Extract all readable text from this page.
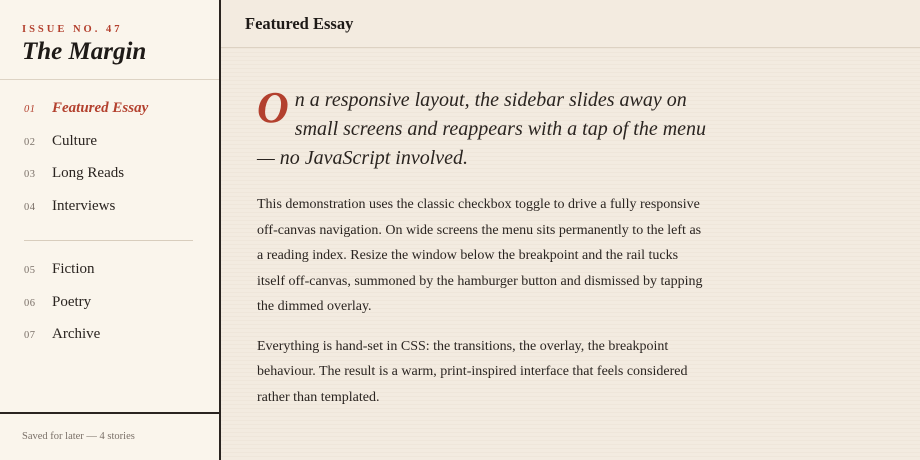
ISSUE NO. 47
The Margin
01	Featured Essay
02	Culture
03	Long Reads
04	Interviews
05	Fiction
06	Poetry
07	Archive
Saved for later — 4 stories
Featured Essay

On a responsive layout, the sidebar slides away on small screens and reappears with a tap of the menu — no JavaScript involved.

This demonstration uses the classic checkbox toggle to drive a fully responsive off-canvas navigation. On wide screens the menu sits permanently to the left as a reading index. Resize the window below the breakpoint and the rail tucks itself off-canvas, summoned by the hamburger button and dismissed by tapping the dimmed overlay.

Everything is hand-set in CSS: the transitions, the overlay, the breakpoint behaviour. The result is a warm, print-inspired interface that feels considered rather than templated.
